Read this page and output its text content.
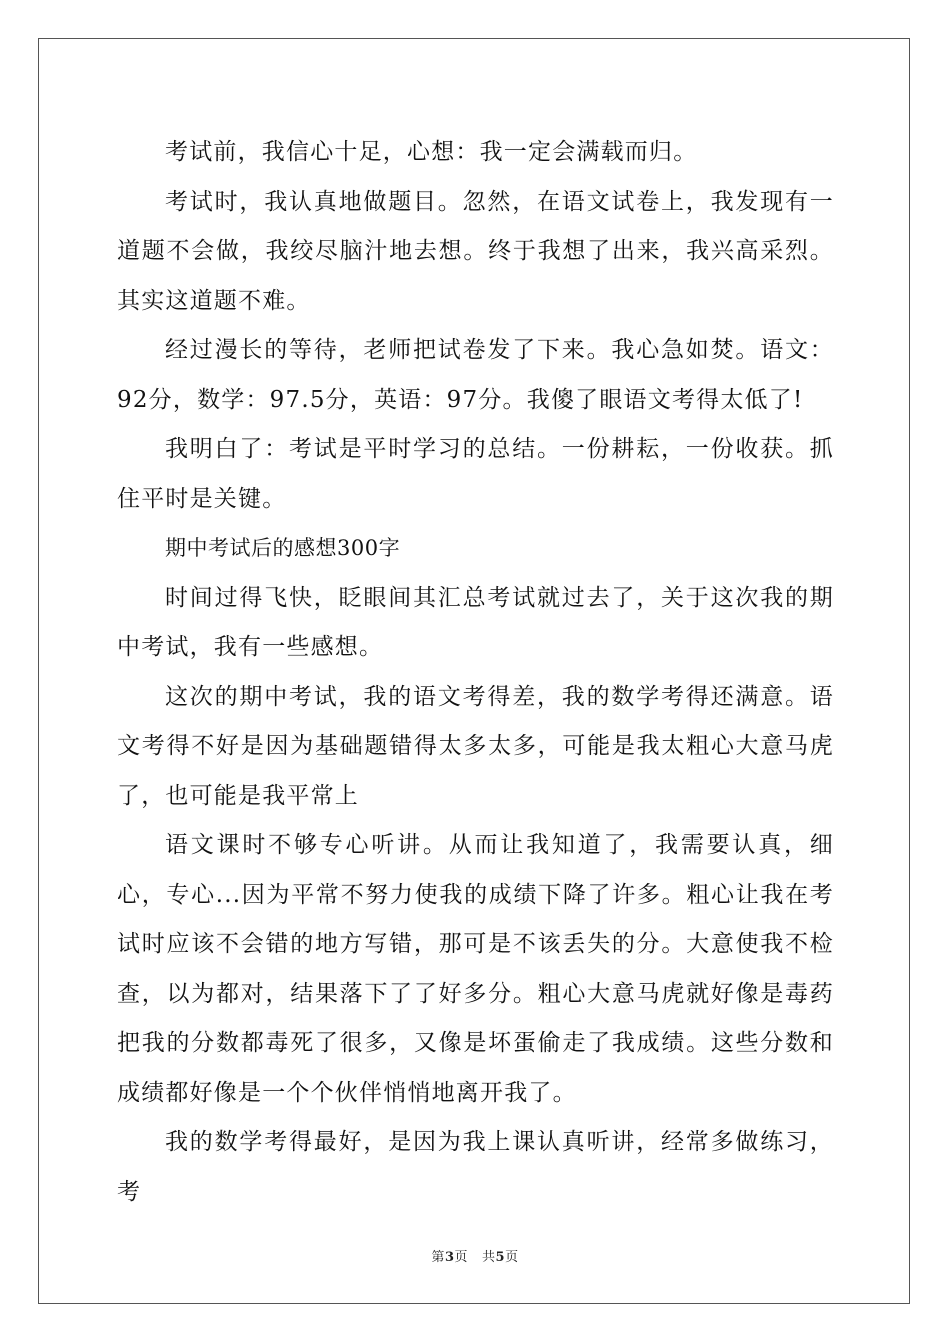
考试前，我信心十足，心想：我一定会满载而归。

考试时，我认真地做题目。忽然，在语文试卷上，我发现有一道题不会做，我绞尽脑汁地去想。终于我想了出来，我兴高采烈。其实这道题不难。

经过漫长的等待，老师把试卷发了下来。我心急如焚。语文：92分，数学：97.5分，英语：97分。我傻了眼语文考得太低了!

我明白了：考试是平时学习的总结。一份耕耘，一份收获。抓住平时是关键。

期中考试后的感想300字

时间过得飞快，眨眼间其汇总考试就过去了，关于这次我的期中考试，我有一些感想。

这次的期中考试，我的语文考得差，我的数学考得还满意。语文考得不好是因为基础题错得太多太多，可能是我太粗心大意马虎了，也可能是我平常上

语文课时不够专心听讲。从而让我知道了，我需要认真，细心，专心...因为平常不努力使我的成绩下降了许多。粗心让我在考试时应该不会错的地方写错，那可是不该丢失的分。大意使我不检查，以为都对，结果落下了了好多分。粗心大意马虎就好像是毒药把我的分数都毒死了很多，又像是坏蛋偷走了我成绩。这些分数和成绩都好像是一个个伙伴悄悄地离开我了。

我的数学考得最好，是因为我上课认真听讲，经常多做练习，考

第3页 共5页
